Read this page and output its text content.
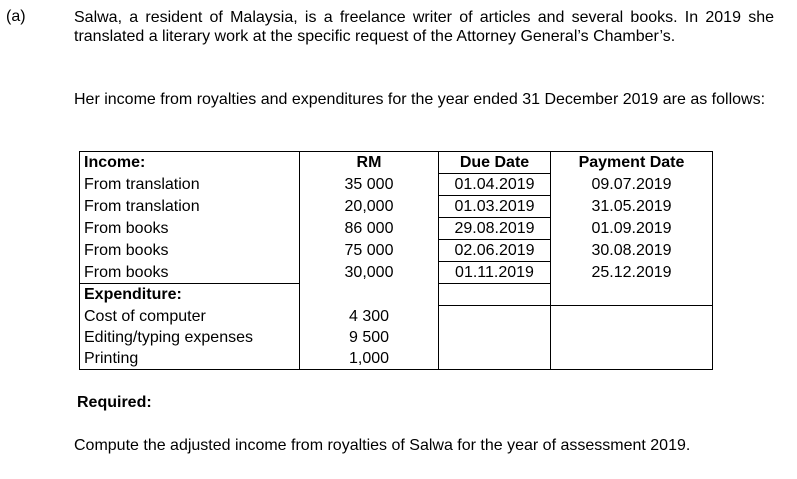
(a)	Salwa, a resident of Malaysia, is a freelance writer of articles and several books. In 2019 she translated a literary work at the specific request of the Attorney General’s Chamber’s.
Her income from royalties and expenditures for the year ended 31 December 2019 are as follows:
Income:	RM	Due Date	Payment Date
From translation	35 000	01.04.2019	09.07.2019
From translation	20,000	01.03.2019	31.05.2019
From books	86 000	29.08.2019	01.09.2019
From books	75 000	02.06.2019	30.08.2019
From books	30,000	01.11.2019	25.12.2019
Expenditure:			
Cost of computer	4 300		
Editing/typing expenses	9 500		
Printing	1,000		
Required:
Compute the adjusted income from royalties of Salwa for the year of assessment 2019.
